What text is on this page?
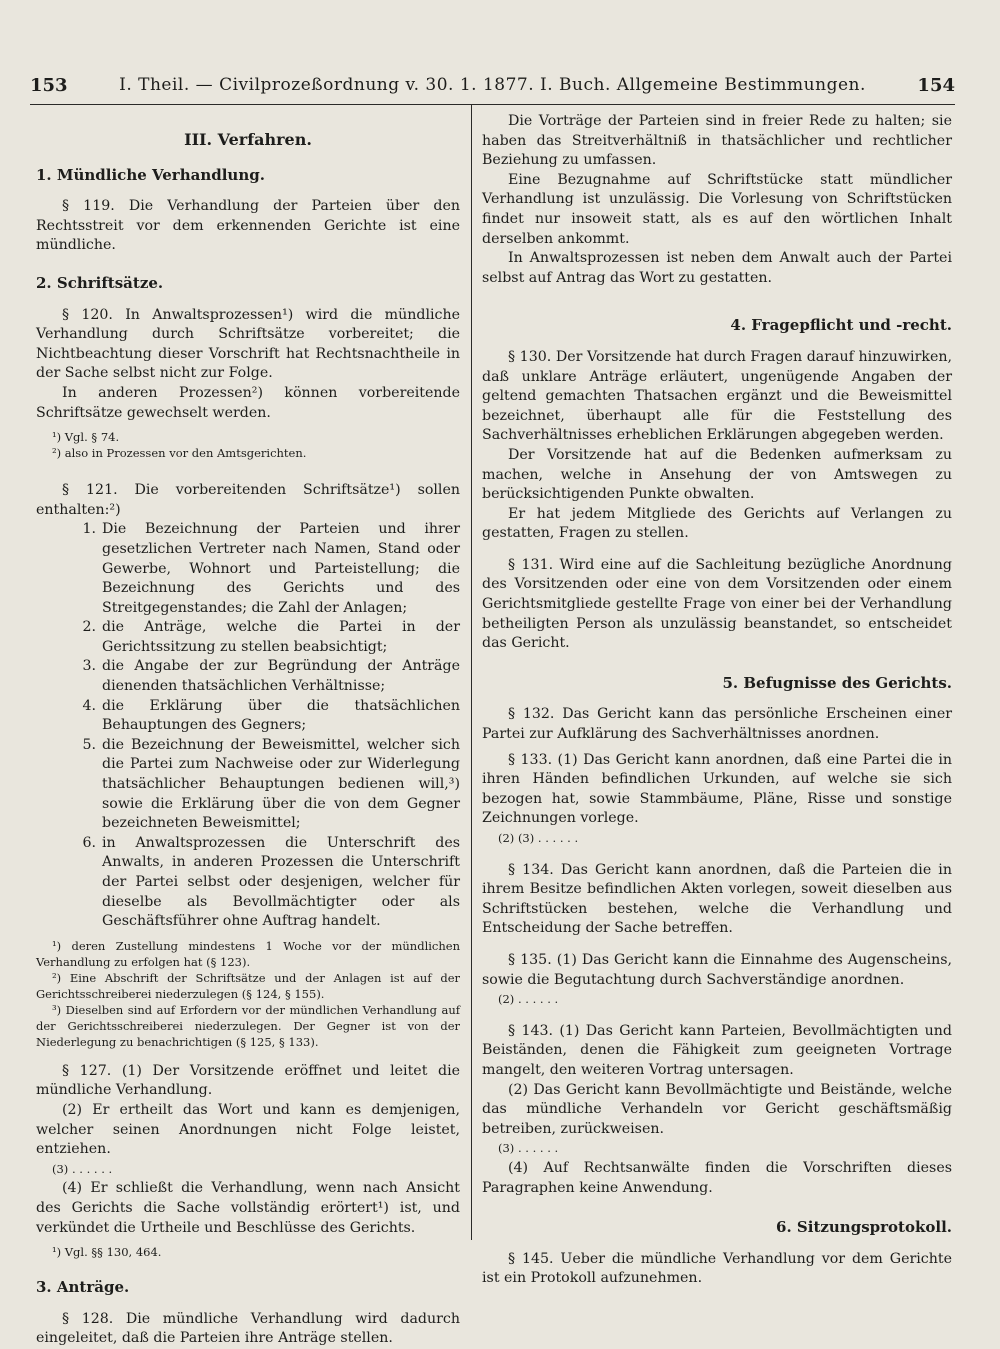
153	I. Theil. — Civilprozeßordnung v. 30. 1. 1877. I. Buch. Allgemeine Bestimmungen.	154
III. Verfahren.
1. Mündliche Verhandlung.

§ 119. Die Verhandlung der Parteien über den Rechtsstreit vor dem erkennenden Gerichte ist eine mündliche.

2. Schriftsätze.

§ 120. In Anwaltsprozessen¹) wird die mündliche Verhandlung durch Schriftsätze vorbereitet; die Nichtbeachtung dieser Vorschrift hat Rechtsnachtheile in der Sache selbst nicht zur Folge.

In anderen Prozessen²) können vorbereitende Schriftsätze gewechselt werden.

¹) Vgl. § 74.

²) also in Prozessen vor den Amtsgerichten.

§ 121. Die vorbereitenden Schriftsätze¹) sollen enthalten:²)

1. Die Bezeichnung der Parteien und ihrer gesetzlichen Vertreter nach Namen, Stand oder Gewerbe, Wohnort und Parteistellung; die Bezeichnung des Gerichts und des Streitgegenstandes; die Zahl der Anlagen;
2. die Anträge, welche die Partei in der Gerichtssitzung zu stellen beabsichtigt;
3. die Angabe der zur Begründung der Anträge dienenden thatsächlichen Verhältnisse;
4. die Erklärung über die thatsächlichen Behauptungen des Gegners;
5. die Bezeichnung der Beweismittel, welcher sich die Partei zum Nachweise oder zur Widerlegung thatsächlicher Behauptungen bedienen will,³) sowie die Erklärung über die von dem Gegner bezeichneten Beweismittel;
6. in Anwaltsprozessen die Unterschrift des Anwalts, in anderen Prozessen die Unterschrift der Partei selbst oder desjenigen, welcher für dieselbe als Bevollmächtigter oder als Geschäftsführer ohne Auftrag handelt.

¹) deren Zustellung mindestens 1 Woche vor der mündlichen Verhandlung zu erfolgen hat (§ 123).

²) Eine Abschrift der Schriftsätze und der Anlagen ist auf der Gerichtsschreiberei niederzulegen (§ 124, § 155).

³) Dieselben sind auf Erfordern vor der mündlichen Verhandlung auf der Gerichtsschreiberei niederzulegen. Der Gegner ist von der Niederlegung zu benachrichtigen (§ 125, § 133).

§ 127. (1) Der Vorsitzende eröffnet und leitet die mündliche Verhandlung.

(2) Er ertheilt das Wort und kann es demjenigen, welcher seinen Anordnungen nicht Folge leistet, entziehen.

(3) . . . . . .

(4) Er schließt die Verhandlung, wenn nach Ansicht des Gerichts die Sache vollständig erörtert¹) ist, und verkündet die Urtheile und Beschlüsse des Gerichts.

¹) Vgl. §§ 130, 464.

3. Anträge.

§ 128. Die mündliche Verhandlung wird dadurch eingeleitet, daß die Parteien ihre Anträge stellen.

Die Vorträge der Parteien sind in freier Rede zu halten; sie haben das Streitverhältniß in thatsächlicher und rechtlicher Beziehung zu umfassen.

Eine Bezugnahme auf Schriftstücke statt mündlicher Verhandlung ist unzulässig. Die Vorlesung von Schriftstücken findet nur insoweit statt, als es auf den wörtlichen Inhalt derselben ankommt.

In Anwaltsprozessen ist neben dem Anwalt auch der Partei selbst auf Antrag das Wort zu gestatten.

4. Fragepflicht und -recht.

§ 130. Der Vorsitzende hat durch Fragen darauf hinzuwirken, daß unklare Anträge erläutert, ungenügende Angaben der geltend gemachten Thatsachen ergänzt und die Beweismittel bezeichnet, überhaupt alle für die Feststellung des Sachverhältnisses erheblichen Erklärungen abgegeben werden.

Der Vorsitzende hat auf die Bedenken aufmerksam zu machen, welche in Ansehung der von Amtswegen zu berücksichtigenden Punkte obwalten.

Er hat jedem Mitgliede des Gerichts auf Verlangen zu gestatten, Fragen zu stellen.

§ 131. Wird eine auf die Sachleitung bezügliche Anordnung des Vorsitzenden oder eine von dem Vorsitzenden oder einem Gerichtsmitgliede gestellte Frage von einer bei der Verhandlung betheiligten Person als unzulässig beanstandet, so entscheidet das Gericht.

5. Befugnisse des Gerichts.

§ 132. Das Gericht kann das persönliche Erscheinen einer Partei zur Aufklärung des Sachverhältnisses anordnen.

§ 133. (1) Das Gericht kann anordnen, daß eine Partei die in ihren Händen befindlichen Urkunden, auf welche sie sich bezogen hat, sowie Stammbäume, Pläne, Risse und sonstige Zeichnungen vorlege.

(2) (3) . . . . . .

§ 134. Das Gericht kann anordnen, daß die Parteien die in ihrem Besitze befindlichen Akten vorlegen, soweit dieselben aus Schriftstücken bestehen, welche die Verhandlung und Entscheidung der Sache betreffen.

§ 135. (1) Das Gericht kann die Einnahme des Augenscheins, sowie die Begutachtung durch Sachverständige anordnen.

(2) . . . . . .

§ 143. (1) Das Gericht kann Parteien, Bevollmächtigten und Beiständen, denen die Fähigkeit zum geeigneten Vortrage mangelt, den weiteren Vortrag untersagen.

(2) Das Gericht kann Bevollmächtigte und Beistände, welche das mündliche Verhandeln vor Gericht geschäftsmäßig betreiben, zurückweisen.

(3) . . . . . .

(4) Auf Rechtsanwälte finden die Vorschriften dieses Paragraphen keine Anwendung.

6. Sitzungsprotokoll.

§ 145. Ueber die mündliche Verhandlung vor dem Gerichte ist ein Protokoll aufzunehmen.
